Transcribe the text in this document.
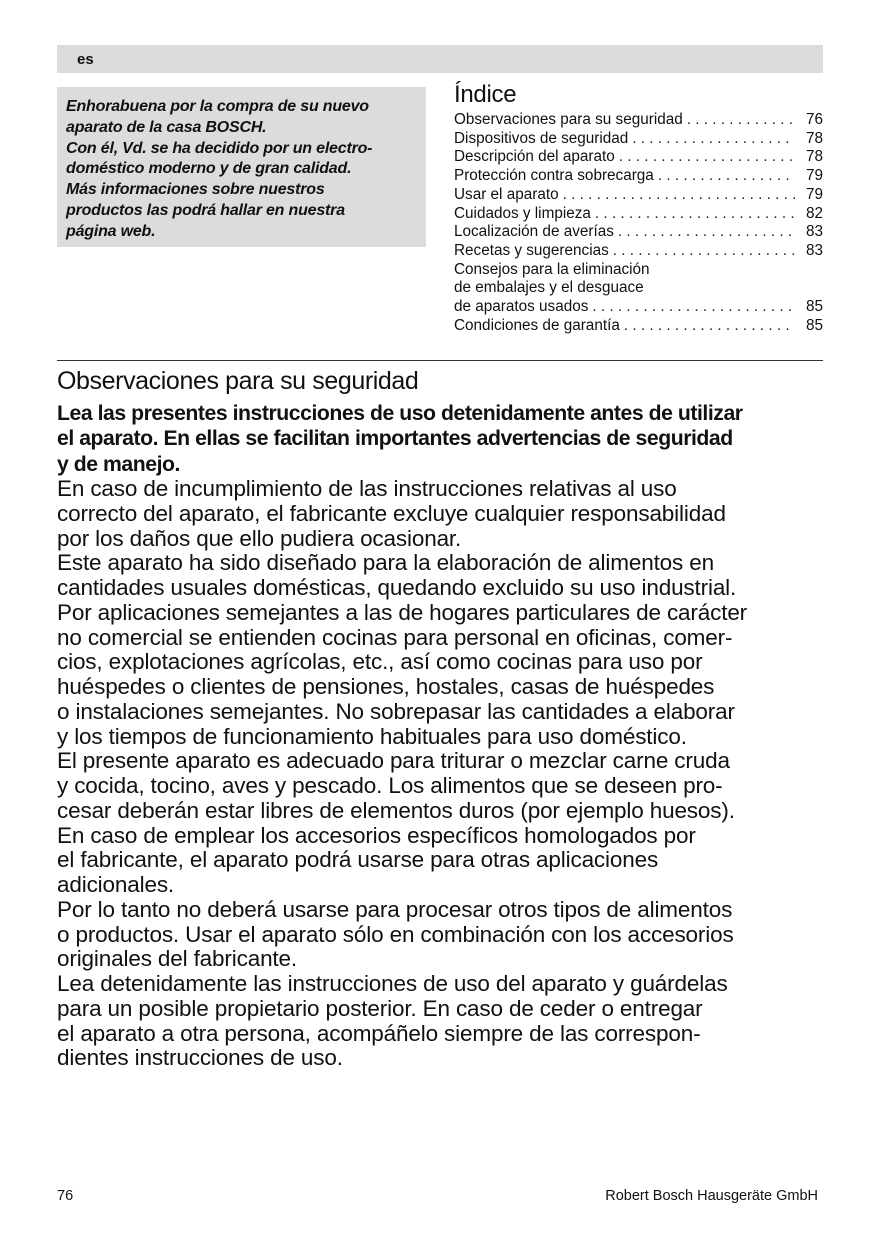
es
Enhorabuena por la compra de su nuevo
aparato de la casa BOSCH.
Con él, Vd. se ha decidido por un electro-
doméstico moderno y de gran calidad.
Más informaciones sobre nuestros
productos las podrá hallar en nuestra
página web.
Índice
Observaciones para su seguridad . . .	76
Dispositivos de seguridad . . .	78
Descripción del aparato . . .	78
Protección contra sobrecarga . . .	79
Usar el aparato . . .	79
Cuidados y limpieza . . .	82
Localización de averías . . .	83
Recetas y sugerencias . . .	83
Consejos para la eliminación
de embalajes y el desguace
de aparatos usados . . .	85
Condiciones de garantía . . .	85
Observaciones para su seguridad
Lea las presentes instrucciones de uso detenidamente antes de utilizar
el aparato. En ellas se facilitan importantes advertencias de seguridad
y de manejo.
En caso de incumplimiento de las instrucciones relativas al uso
correcto del aparato, el fabricante excluye cualquier responsabilidad
por los daños que ello pudiera ocasionar.
Este aparato ha sido diseñado para la elaboración de alimentos en
cantidades usuales domésticas, quedando excluido su uso industrial.
Por aplicaciones semejantes a las de hogares particulares de carácter
no comercial se entienden cocinas para personal en oficinas, comer-
cios, explotaciones agrícolas, etc., así como cocinas para uso por
huéspedes o clientes de pensiones, hostales, casas de huéspedes
o instalaciones semejantes. No sobrepasar las cantidades a elaborar
y los tiempos de funcionamiento habituales para uso doméstico.
El presente aparato es adecuado para triturar o mezclar carne cruda
y cocida, tocino, aves y pescado. Los alimentos que se deseen pro-
cesar deberán estar libres de elementos duros (por ejemplo huesos).
En caso de emplear los accesorios específicos homologados por
el fabricante, el aparato podrá usarse para otras aplicaciones
adicionales.
Por lo tanto no deberá usarse para procesar otros tipos de alimentos
o productos. Usar el aparato sólo en combinación con los accesorios
originales del fabricante.
Lea detenidamente las instrucciones de uso del aparato y guárdelas
para un posible propietario posterior. En caso de ceder o entregar
el aparato a otra persona, acompáñelo siempre de las correspon-
dientes instrucciones de uso.
76	Robert Bosch Hausgeräte GmbH
